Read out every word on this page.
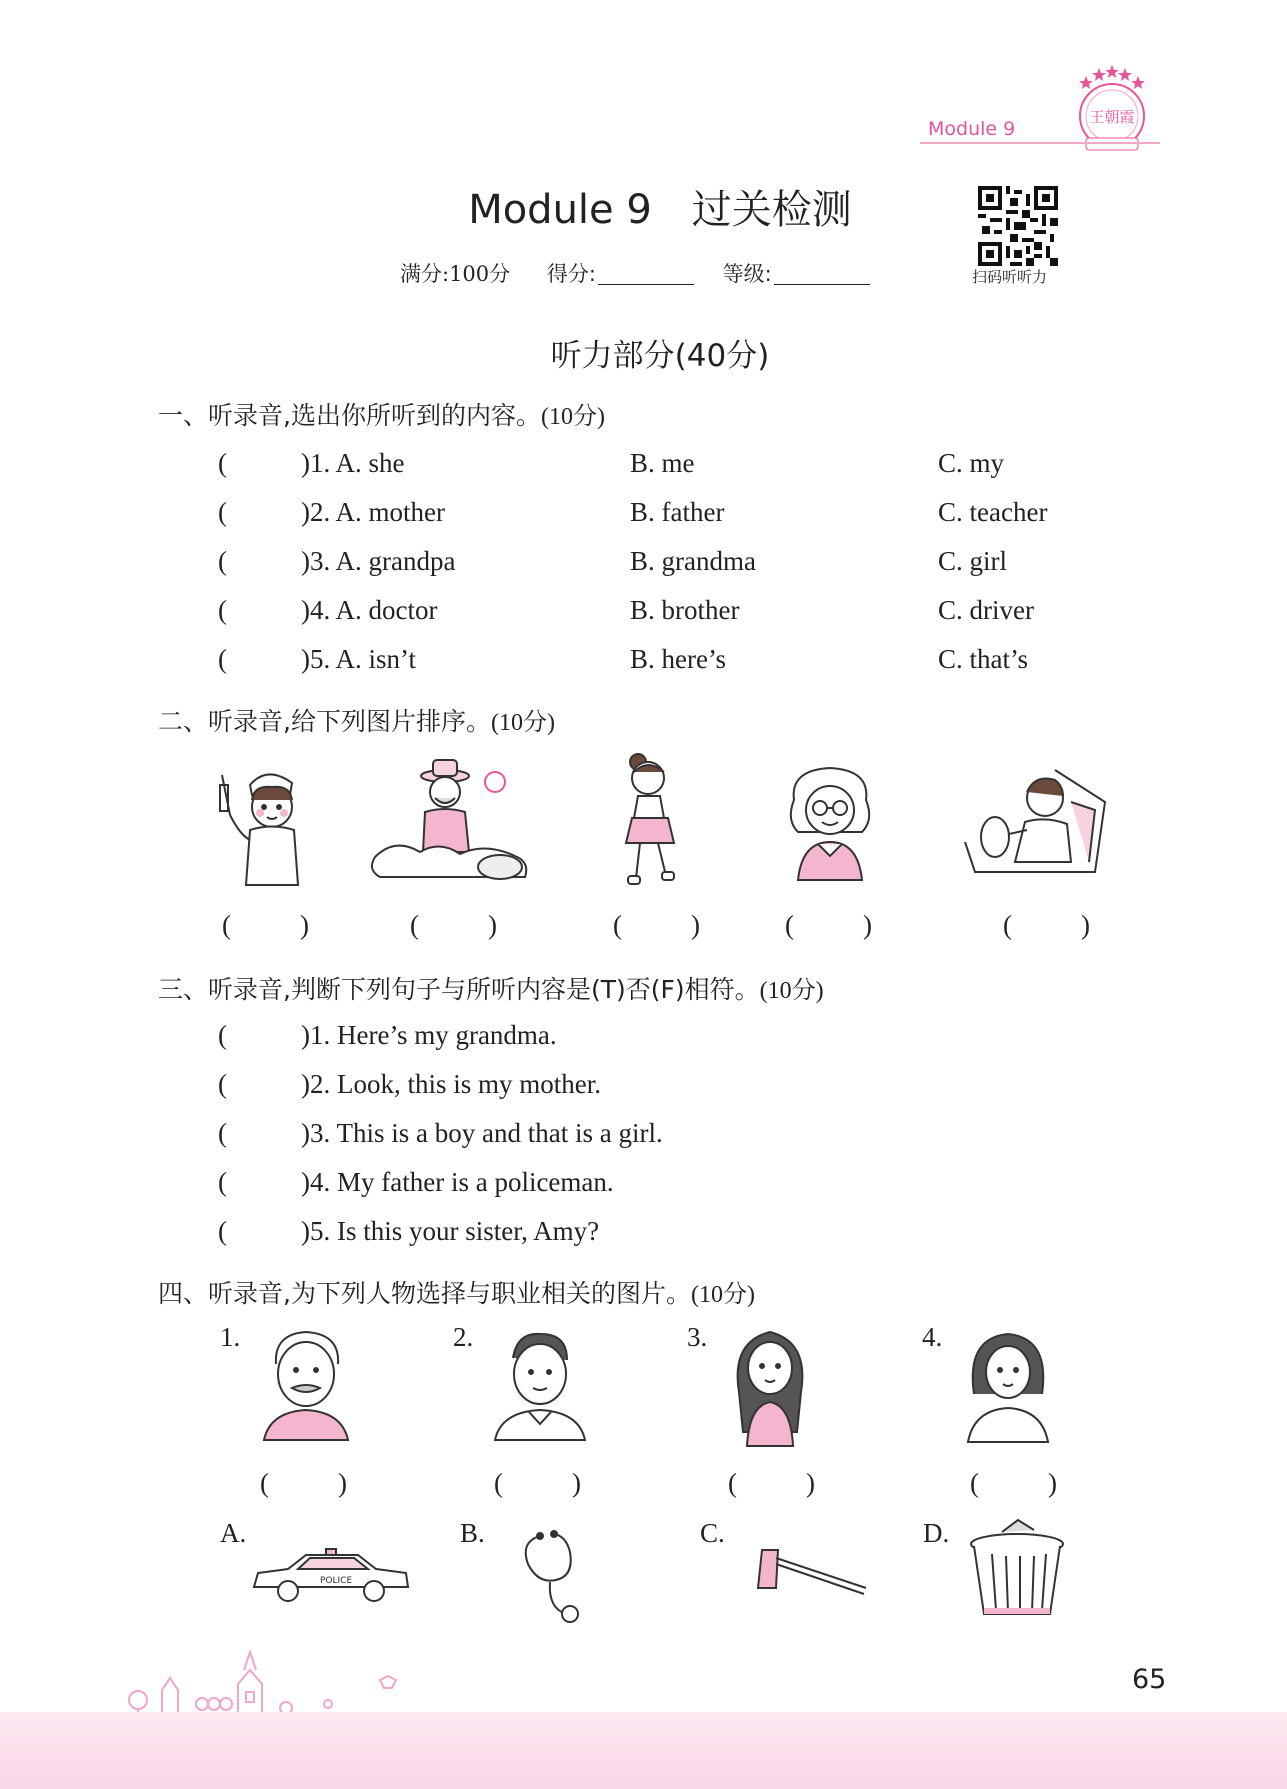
王朝霞
Module 9
Module 9　过关检测
满分:100分 得分:	等级:	扫码听听力
听力部分(40分)
一、听录音,选出你所听到的内容。(10分)
(	)1. A. she	B. me	C. my
(	)2. A. mother	B. father	C. teacher
(	)3. A. grandpa	B. grandma	C. girl
(	)4. A. doctor	B. brother	C. driver
(	)5. A. isn’t	B. here’s	C. that’s
二、听录音,给下列图片排序。(10分)
(	)	(	)	(	)	(	)	(	)
三、听录音,判断下列句子与所听内容是(T)否(F)相符。(10分)
(	)1. Here’s my grandma.
(	)2. Look, this is my mother.
(	)3. This is a boy and that is a girl.
(	)4. My father is a policeman.
(	)5. Is this your sister, Amy?
四、听录音,为下列人物选择与职业相关的图片。(10分)
1.	2.	3.	4.
(	)	(	)	(	)	(	)
A.	B.	C.	D.
POLICE
65
